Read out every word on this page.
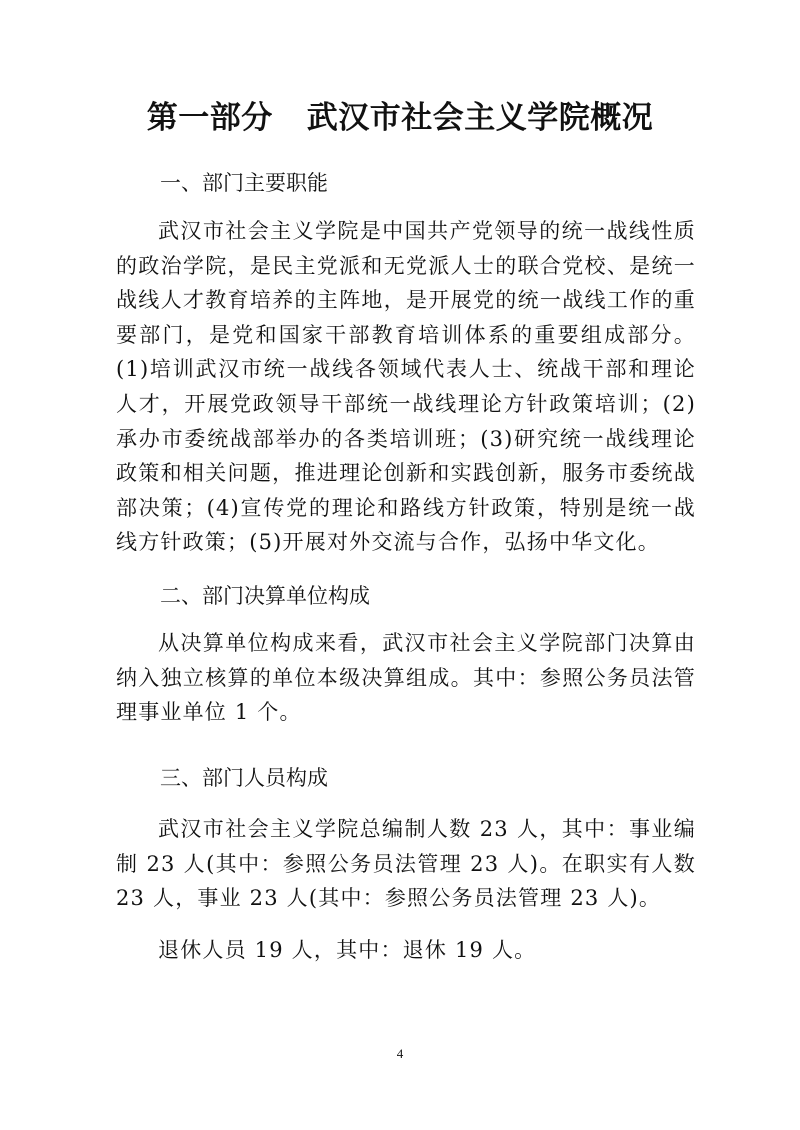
第一部分 武汉市社会主义学院概况
一、部门主要职能

武汉市社会主义学院是中国共产党领导的统一战线性质的政治学院，是民主党派和无党派人士的联合党校、是统一战线人才教育培养的主阵地，是开展党的统一战线工作的重要部门，是党和国家干部教育培训体系的重要组成部分。(1)培训武汉市统一战线各领域代表人士、统战干部和理论人才，开展党政领导干部统一战线理论方针政策培训；(2)承办市委统战部举办的各类培训班；(3)研究统一战线理论政策和相关问题，推进理论创新和实践创新，服务市委统战部决策；(4)宣传党的理论和路线方针政策，特别是统一战线方针政策；(5)开展对外交流与合作，弘扬中华文化。

二、部门决算单位构成

从决算单位构成来看，武汉市社会主义学院部门决算由纳入独立核算的单位本级决算组成。其中：参照公务员法管理事业单位 1 个。

三、部门人员构成

武汉市社会主义学院总编制人数 23 人，其中：事业编制 23 人(其中：参照公务员法管理 23 人)。在职实有人数 23 人，事业 23 人(其中：参照公务员法管理 23 人)。

退休人员 19 人，其中：退休 19 人。

4
